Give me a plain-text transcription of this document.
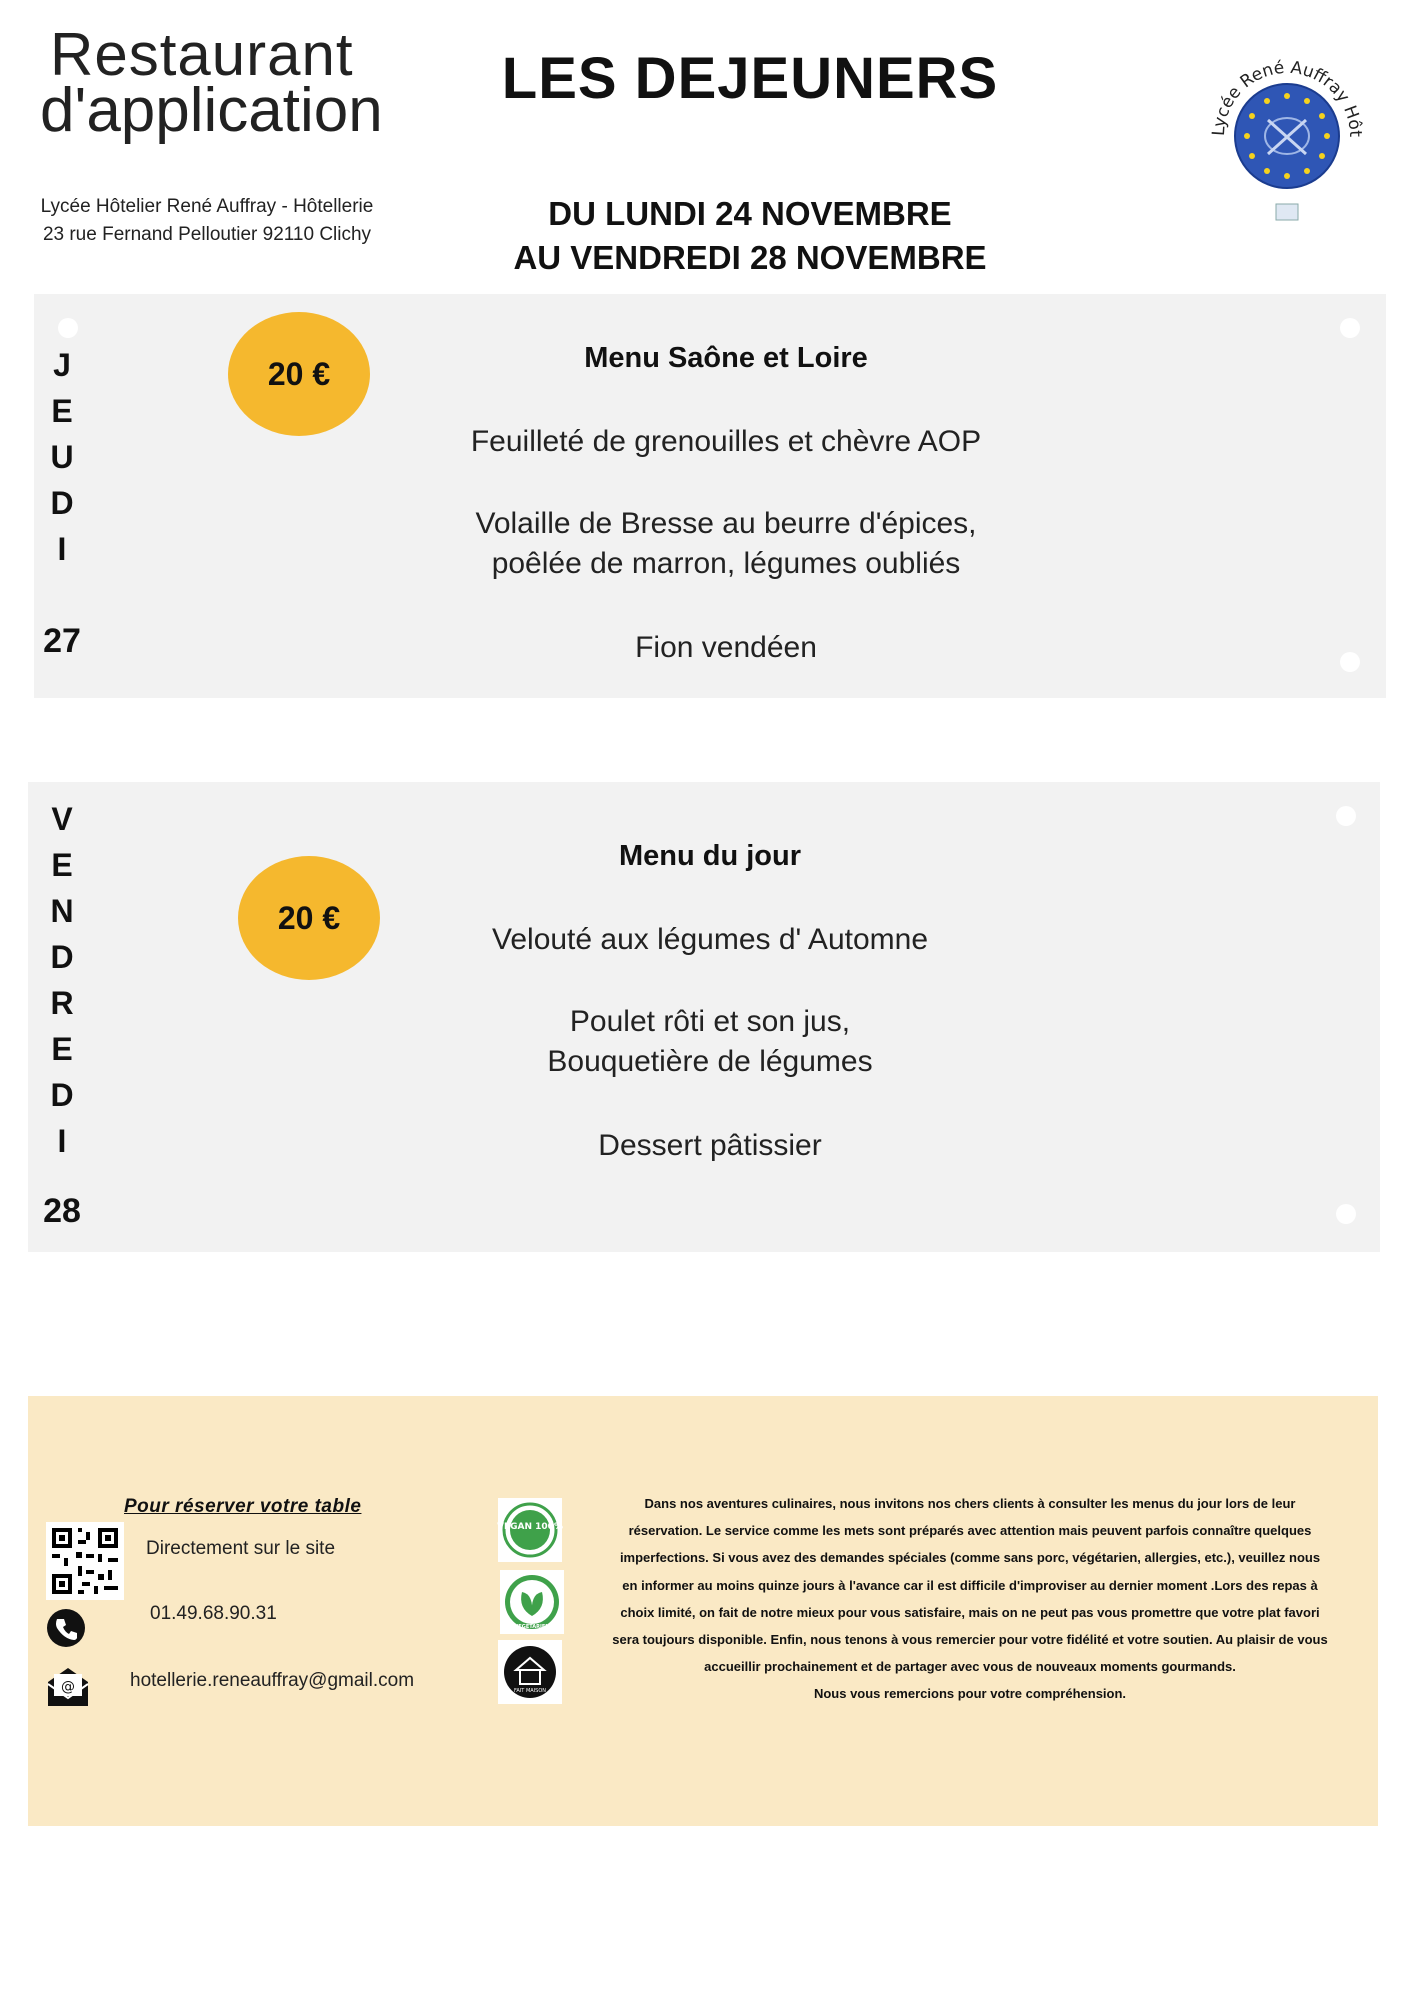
Restaurant
d'application
Lycée Hôtelier René Auffray - Hôtellerie
23 rue Fernand Pelloutier 92110 Clichy
LES DEJEUNERS
DU LUNDI 24 NOVEMBRE
AU VENDREDI 28 NOVEMBRE
Lycée René Auffray Hôt
J
E
U
D
I
27
20 €	Menu Saône et Loire
Feuilleté de grenouilles et chèvre AOP
Volaille de Bresse au beurre d'épices,
poêlée de marron, légumes oubliés
Fion vendéen
V
E
N
D
R
E
D
I
28
20 €
Menu du jour
Velouté aux légumes d' Automne
Poulet rôti et son jus,
Bouquetière de légumes
Dessert pâtissier
Pour réserver votre table
Directement sur le site
01.49.68.90.31
@	hotellerie.reneauffray@gmail.com
VEGAN 100%
VEGETARIEN
FAIT MAISON
Dans nos aventures culinaires, nous invitons nos chers clients à consulter les menus du jour lors de leur
réservation. Le service comme les mets sont préparés avec attention mais peuvent parfois connaître quelques
imperfections. Si vous avez des demandes spéciales (comme sans porc, végétarien, allergies, etc.), veuillez nous
en informer au moins quinze jours à l'avance car il est difficile d'improviser au dernier moment .Lors des repas à
choix limité, on fait de notre mieux pour vous satisfaire, mais on ne peut pas vous promettre que votre plat favori
sera toujours disponible. Enfin, nous tenons à vous remercier pour votre fidélité et votre soutien. Au plaisir de vous
accueillir prochainement et de partager avec vous de nouveaux moments gourmands.
Nous vous remercions pour votre compréhension.
